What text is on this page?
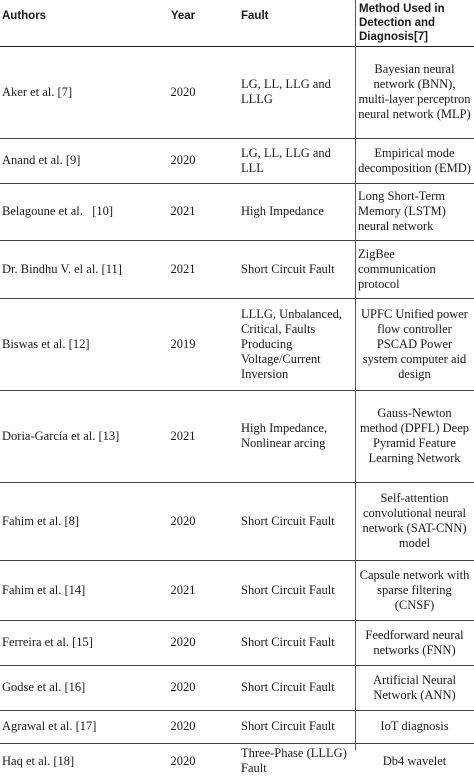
Authors	Year	Fault	Method Used in Detection and Diagnosis[7]
Aker et al. [7]	2020	LG, LL, LLG and LLLG	Bayesian neural network (BNN), multi-layer perceptron neural network (MLP)
Anand et al. [9]	2020	LG, LL, LLG and LLL	Empirical mode decomposition (EMD)
Belagoune et al.   [10]	2021	High Impedance	Long Short-Term Memory (LSTM) neural network
Dr. Bindhu V. el al. [11]	2021	Short Circuit Fault	ZigBee communication protocol
Biswas et al. [12]	2019	LLLG, Unbalanced, Critical, Faults Producing Voltage/Current Inversion	UPFC Unified power flow controller PSCAD Power system computer aid design
Doria-García et al. [13]	2021	High Impedance, Nonlinear arcing	Gauss-Newton method (DPFL) Deep Pyramid Feature Learning Network
Fahim et al. [8]	2020	Short Circuit Fault	Self-attention convolutional neural network (SAT-CNN) model
Fahim et al. [14]	2021	Short Circuit Fault	Capsule network with sparse filtering (CNSF)
Ferreira et al. [15]	2020	Short Circuit Fault	Feedforward neural networks (FNN)
Godse et al. [16]	2020	Short Circuit Fault	Artificial Neural Network (ANN)
Agrawal et al. [17]	2020	Short Circuit Fault	IoT diagnosis
Haq et al. [18]	2020	Three-Phase (LLLG) Fault	Db4 wavelet
